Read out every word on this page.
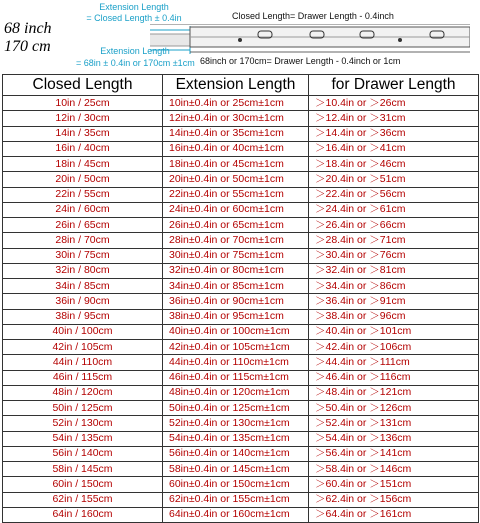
68 inch
170 cm
Extension Length
= Closed Length ± 0.4in
Extension Length
= 68in ± 0.4in or 170cm ±1cm
Closed Length= Drawer Length - 0.4inch
68inch or 170cm= Drawer Length - 0.4inch or 1cm
Closed Length	Extension Length	for Drawer Length
10in / 25cm	10in±0.4in or 25cm±1cm	＞10.4in or ＞26cm
12in / 30cm	12in±0.4in or 30cm±1cm	＞12.4in or ＞31cm
14in / 35cm	14in±0.4in or 35cm±1cm	＞14.4in or ＞36cm
16in / 40cm	16in±0.4in or 40cm±1cm	＞16.4in or ＞41cm
18in / 45cm	18in±0.4in or 45cm±1cm	＞18.4in or ＞46cm
20in / 50cm	20in±0.4in or 50cm±1cm	＞20.4in or ＞51cm
22in / 55cm	22in±0.4in or 55cm±1cm	＞22.4in or ＞56cm
24in / 60cm	24in±0.4in or 60cm±1cm	＞24.4in or ＞61cm
26in / 65cm	26in±0.4in or 65cm±1cm	＞26.4in or ＞66cm
28in / 70cm	28in±0.4in or 70cm±1cm	＞28.4in or ＞71cm
30in / 75cm	30in±0.4in or 75cm±1cm	＞30.4in or ＞76cm
32in / 80cm	32in±0.4in or 80cm±1cm	＞32.4in or ＞81cm
34in / 85cm	34in±0.4in or 85cm±1cm	＞34.4in or ＞86cm
36in / 90cm	36in±0.4in or 90cm±1cm	＞36.4in or ＞91cm
38in / 95cm	38in±0.4in or 95cm±1cm	＞38.4in or ＞96cm
40in / 100cm	40in±0.4in or 100cm±1cm	＞40.4in or ＞101cm
42in / 105cm	42in±0.4in or 105cm±1cm	＞42.4in or ＞106cm
44in / 110cm	44in±0.4in or 110cm±1cm	＞44.4in or ＞111cm
46in / 115cm	46in±0.4in or 115cm±1cm	＞46.4in or ＞116cm
48in / 120cm	48in±0.4in or 120cm±1cm	＞48.4in or ＞121cm
50in / 125cm	50in±0.4in or 125cm±1cm	＞50.4in or ＞126cm
52in / 130cm	52in±0.4in or 130cm±1cm	＞52.4in or ＞131cm
54in / 135cm	54in±0.4in or 135cm±1cm	＞54.4in or ＞136cm
56in / 140cm	56in±0.4in or 140cm±1cm	＞56.4in or ＞141cm
58in / 145cm	58in±0.4in or 145cm±1cm	＞58.4in or ＞146cm
60in / 150cm	60in±0.4in or 150cm±1cm	＞60.4in or ＞151cm
62in / 155cm	62in±0.4in or 155cm±1cm	＞62.4in or ＞156cm
64in / 160cm	64in±0.4in or 160cm±1cm	＞64.4in or ＞161cm
